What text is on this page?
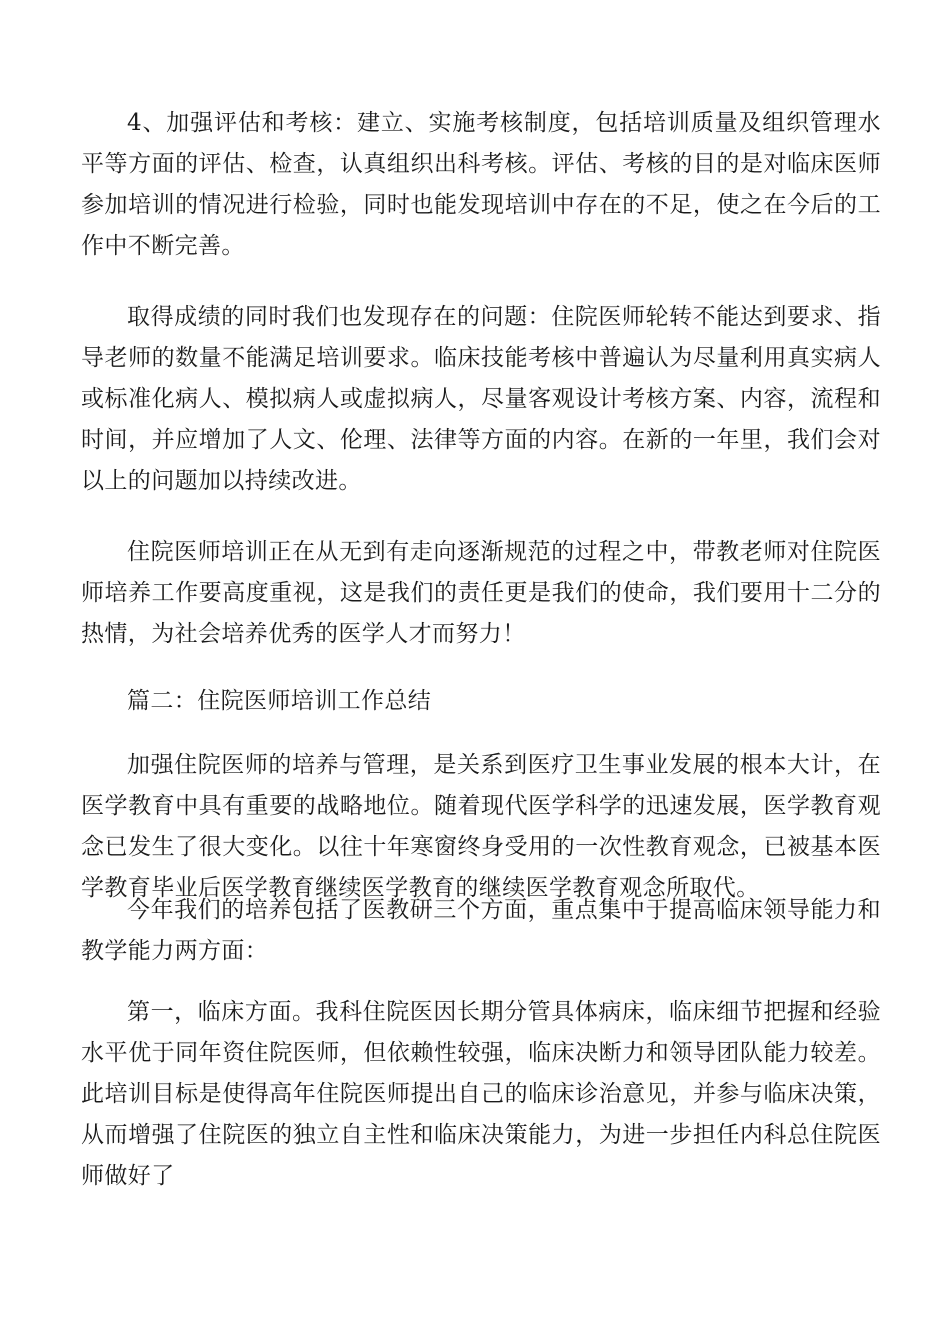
4、加强评估和考核：建立、实施考核制度，包括培训质量及组织管理水平等方面的评估、检查，认真组织出科考核。评估、考核的目的是对临床医师参加培训的情况进行检验，同时也能发现培训中存在的不足，使之在今后的工作中不断完善。

取得成绩的同时我们也发现存在的问题：住院医师轮转不能达到要求、指导老师的数量不能满足培训要求。临床技能考核中普遍认为尽量利用真实病人或标准化病人、模拟病人或虚拟病人，尽量客观设计考核方案、内容，流程和时间，并应增加了人文、伦理、法律等方面的内容。在新的一年里，我们会对以上的问题加以持续改进。

住院医师培训正在从无到有走向逐渐规范的过程之中，带教老师对住院医师培养工作要高度重视，这是我们的责任更是我们的使命，我们要用十二分的热情，为社会培养优秀的医学人才而努力！

篇二：住院医师培训工作总结

加强住院医师的培养与管理，是关系到医疗卫生事业发展的根本大计，在医学教育中具有重要的战略地位。随着现代医学科学的迅速发展，医学教育观念已发生了很大变化。以往十年寒窗终身受用的一次性教育观念，已被基本医学教育毕业后医学教育继续医学教育的继续医学教育观念所取代。

今年我们的培养包括了医教研三个方面，重点集中于提高临床领导能力和教学能力两方面：

第一，临床方面。我科住院医因长期分管具体病床，临床细节把握和经验水平优于同年资住院医师，但依赖性较强，临床决断力和领导团队能力较差。此培训目标是使得高年住院医师提出自己的临床诊治意见，并参与临床决策，从而增强了住院医的独立自主性和临床决策能力，为进一步担任内科总住院医师做好了
